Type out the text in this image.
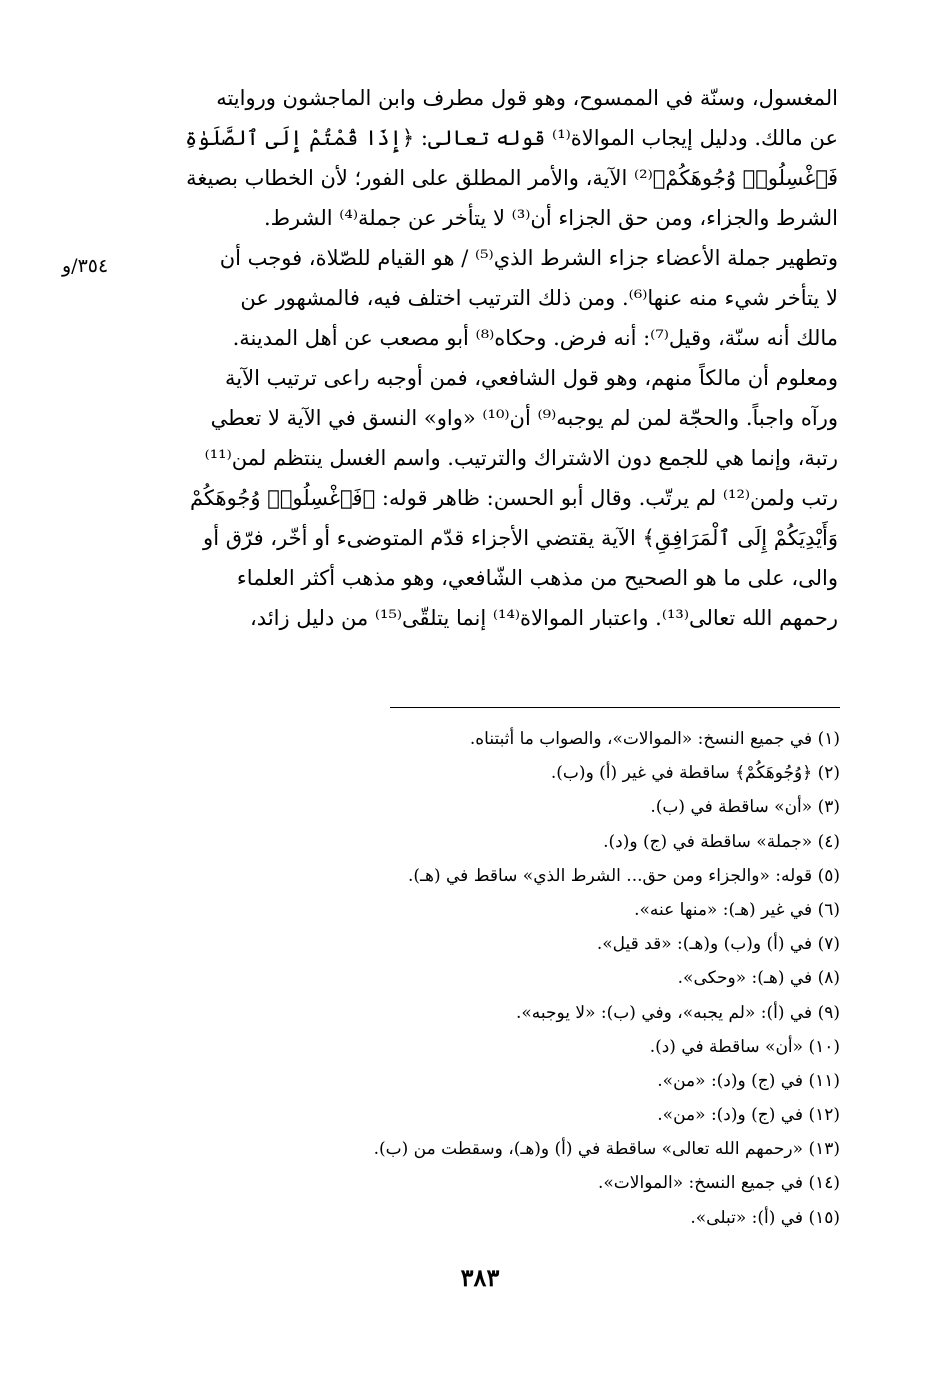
المغسول، وسنّة في الممسوح، وهو قول مطرف وابن الماجشون وروايته
عن مالك. ودليل إيجاب الموالاة⁽¹⁾ قوله تعالى: ﴿إِذَا قُمْتُمْ إِلَى ٱلصَّلَوٰةِ
فَٱغْسِلُوا۟ وُجُوهَكُمْ﴾⁽²⁾ الآية، والأمر المطلق على الفور؛ لأن الخطاب بصيغة
الشرط والجزاء، ومن حق الجزاء أن⁽³⁾ لا يتأخر عن جملة⁽⁴⁾ الشرط.
وتطهير جملة الأعضاء جزاء الشرط الذي⁽⁵⁾ / هو القيام للصّلاة، فوجب أن
لا يتأخر شيء منه عنها⁽⁶⁾. ومن ذلك الترتيب اختلف فيه، فالمشهور عن
مالك أنه سنّة، وقيل⁽⁷⁾: أنه فرض. وحكاه⁽⁸⁾ أبو مصعب عن أهل المدينة.
ومعلوم أن مالكاً منهم، وهو قول الشافعي، فمن أوجبه راعى ترتيب الآية
ورآه واجباً. والحجّة لمن لم يوجبه⁽⁹⁾ أن⁽¹⁰⁾ «واو» النسق في الآية لا تعطي
رتبة، وإنما هي للجمع دون الاشتراك والترتيب. واسم الغسل ينتظم لمن⁽¹¹⁾
رتب ولمن⁽¹²⁾ لم يرتّب. وقال أبو الحسن: ظاهر قوله: ﴿فَٱغْسِلُوا۟ وُجُوهَكُمْ
وَأَيْدِيَكُمْ إِلَى ٱلْمَرَافِقِ﴾ الآية يقتضي الأجزاء قدّم المتوضىء أو أخّر، فرّق أو
والى، على ما هو الصحيح من مذهب الشّافعي، وهو مذهب أكثر العلماء
رحمهم الله تعالى⁽¹³⁾. واعتبار الموالاة⁽¹⁴⁾ إنما يتلقّى⁽¹⁵⁾ من دليل زائد،
٣٥٤/و
(١) في جميع النسخ: «الموالات»، والصواب ما أثبتناه.
(٢) ﴿وُجُوهَكُمْ﴾ ساقطة في غير (أ) و(ب).
(٣) «أن» ساقطة في (ب).
(٤) «جملة» ساقطة في (ج) و(د).
(٥) قوله: «والجزاء ومن حق... الشرط الذي» ساقط في (هـ).
(٦) في غير (هـ): «منها عنه».
(٧) في (أ) و(ب) و(هـ): «قد قيل».
(٨) في (هـ): «وحكى».
(٩) في (أ): «لم يجبه»، وفي (ب): «لا يوجبه».
(١٠) «أن» ساقطة في (د).
(١١) في (ج) و(د): «من».
(١٢) في (ج) و(د): «من».
(١٣) «رحمهم الله تعالى» ساقطة في (أ) و(هـ)، وسقطت من (ب).
(١٤) في جميع النسخ: «الموالات».
(١٥) في (أ): «تبلى».
٣٨٣
